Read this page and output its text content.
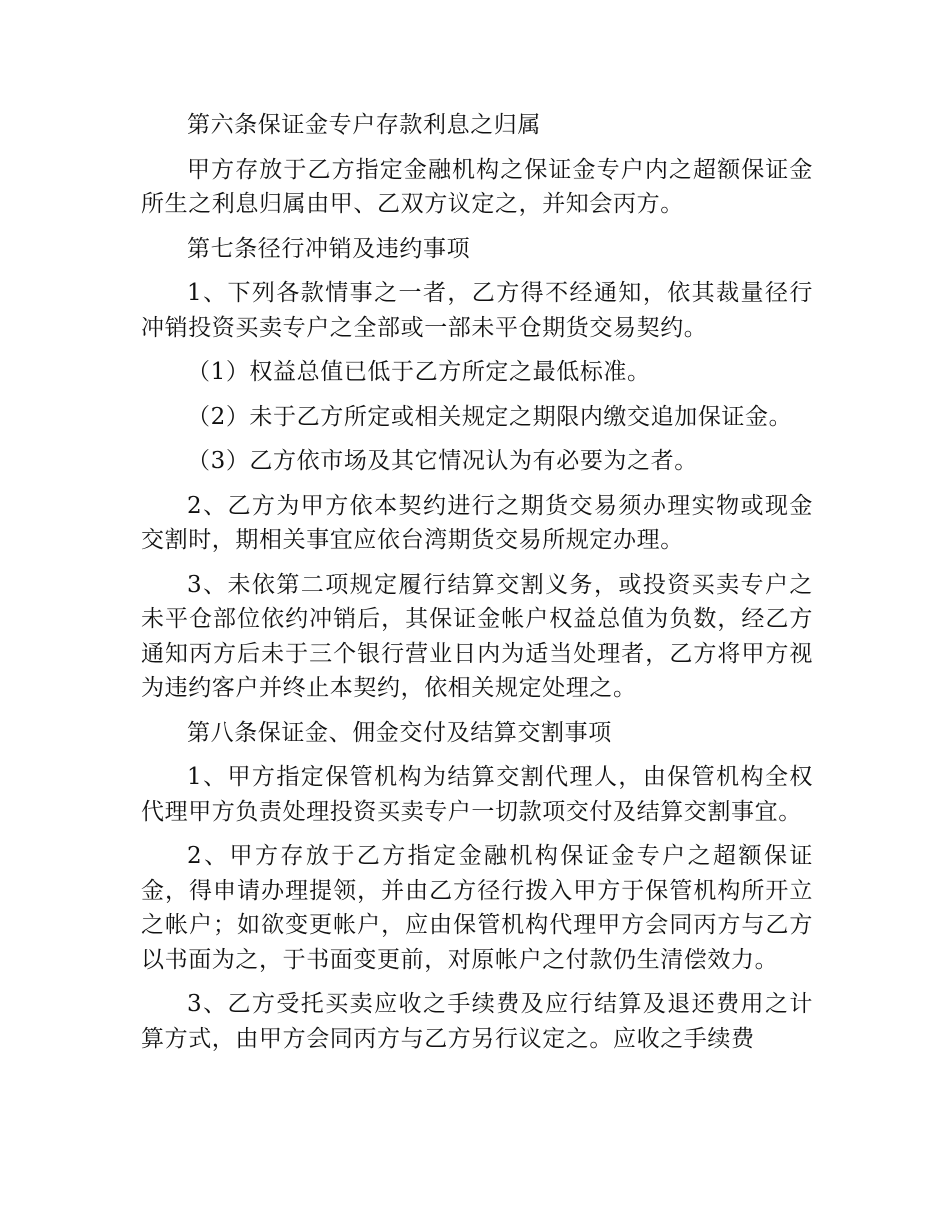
第六条保证金专户存款利息之归属

甲方存放于乙方指定金融机构之保证金专户内之超额保证金所生之利息归属由甲、乙双方议定之，并知会丙方。

第七条径行冲销及违约事项

1、下列各款情事之一者，乙方得不经通知，依其裁量径行冲销投资买卖专户之全部或一部未平仓期货交易契约。

（1）权益总值已低于乙方所定之最低标准。

（2）未于乙方所定或相关规定之期限内缴交追加保证金。

（3）乙方依市场及其它情况认为有必要为之者。

2、乙方为甲方依本契约进行之期货交易须办理实物或现金交割时，期相关事宜应依台湾期货交易所规定办理。

3、未依第二项规定履行结算交割义务，或投资买卖专户之未平仓部位依约冲销后，其保证金帐户权益总值为负数，经乙方通知丙方后未于三个银行营业日内为适当处理者，乙方将甲方视为违约客户并终止本契约，依相关规定处理之。

第八条保证金、佣金交付及结算交割事项

1、甲方指定保管机构为结算交割代理人，由保管机构全权代理甲方负责处理投资买卖专户一切款项交付及结算交割事宜。

2、甲方存放于乙方指定金融机构保证金专户之超额保证金，得申请办理提领，并由乙方径行拨入甲方于保管机构所开立之帐户；如欲变更帐户，应由保管机构代理甲方会同丙方与乙方以书面为之，于书面变更前，对原帐户之付款仍生清偿效力。

3、乙方受托买卖应收之手续费及应行结算及退还费用之计算方式，由甲方会同丙方与乙方另行议定之。应收之手续费
